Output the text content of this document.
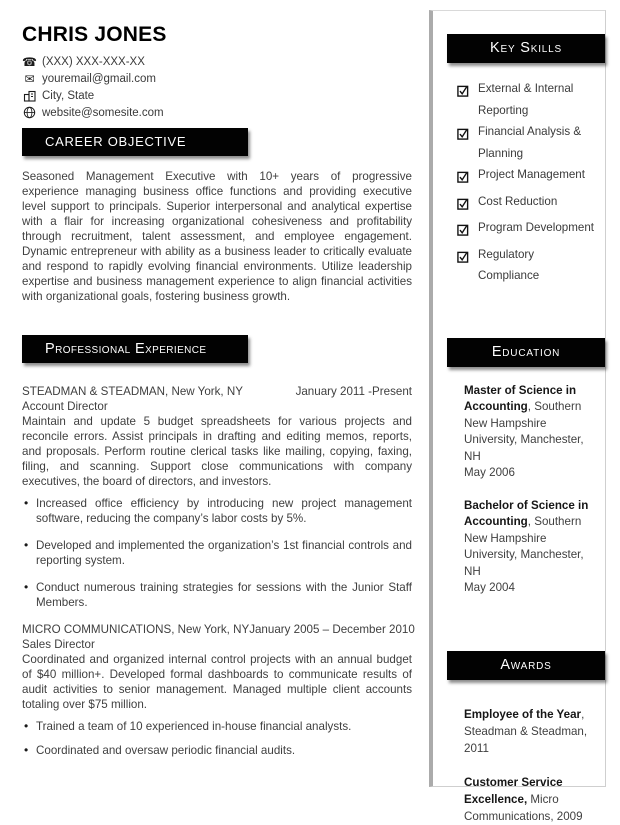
CHRIS JONES
☎ (XXX) XXX-XXX-XX
✉ youremail@gmail.com
City, State
website@somesite.com
CAREER OBJECTIVE

Seasoned Management Executive with 10+ years of progressive experience managing business office functions and providing executive level support to principals. Superior interpersonal and analytical expertise with a flair for increasing organizational cohesiveness and profitability through recruitment, talent assessment, and employee engagement. Dynamic entrepreneur with ability as a business leader to critically evaluate and respond to rapidly evolving financial environments. Utilize leadership expertise and business management experience to align financial activities with organizational goals, fostering business growth.

Professional Experience
STEADMAN & STEADMAN, New York, NY	January 2011 -Present
Account Director

Maintain and update 5 budget spreadsheets for various projects and reconcile errors. Assist principals in drafting and editing memos, reports, and proposals. Perform routine clerical tasks like mailing, copying, faxing, filing, and scanning. Support close communications with company executives, the board of directors, and investors.

• Increased office efficiency by introducing new project management software, reducing the company’s labor costs by 5%.
• Developed and implemented the organization’s 1st financial controls and reporting system.
• Conduct numerous training strategies for sessions with the Junior Staff Members.
MICRO COMMUNICATIONS, New York, NY January 2005 – December 2010
Sales Director

Coordinated and organized internal control projects with an annual budget of $40 million+. Developed formal dashboards to communicate results of audit activities to senior management. Managed multiple client accounts totaling over $75 million.

• Trained a team of 10 experienced in-house financial analysts.
• Coordinated and oversaw periodic financial audits.
Key Skills
External & Internal Reporting
Financial Analysis & Planning
Project Management
Cost Reduction
Program Development
Regulatory Compliance
Education
Master of Science in Accounting, Southern New Hampshire University, Manchester, NH
May 2006
Bachelor of Science in Accounting, Southern New Hampshire University, Manchester, NH
May 2004
Awards
Employee of the Year, Steadman & Steadman, 2011
Customer Service Excellence, Micro Communications, 2009
